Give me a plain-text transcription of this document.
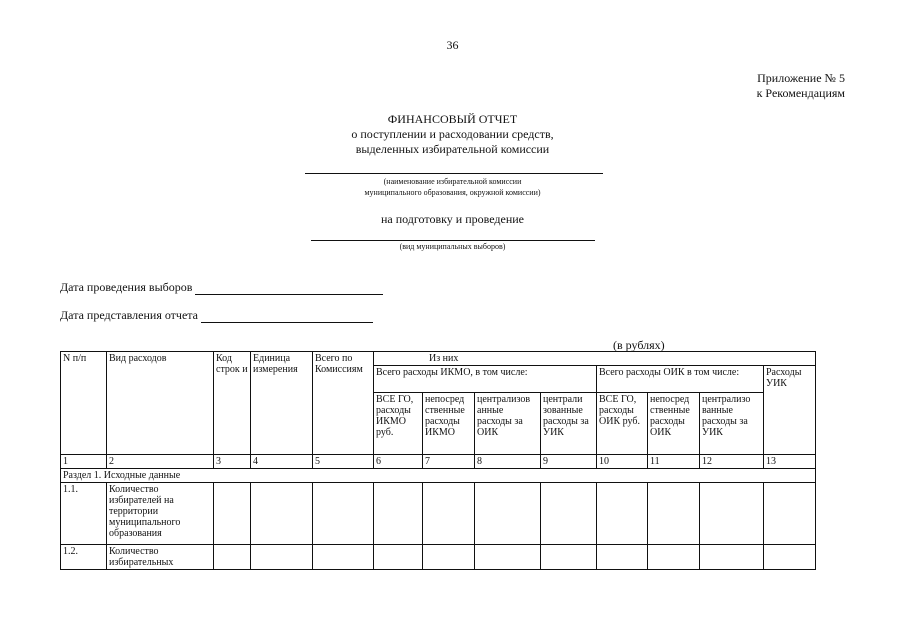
36
Приложение № 5
к Рекомендациям
ФИНАНСОВЫЙ ОТЧЕТ
о поступлении и расходовании средств,
выделенных избирательной комиссии
(наименование избирательной комиссии
муниципального образования, окружной комиссии)
на подготовку и проведение
(вид муниципальных выборов)
Дата проведения выборов
Дата представления отчета
(в рублях)
N п/п	Вид расходов	Код строк и	Единица измерения	Всего по Комиссиям	Из них							
					Всего расходы ИКМО, в том числе:				Всего расходы ОИК в том числе:			Расходы УИК
					ВСЕ ГО, расходы ИКМО руб.	непосред ственные расходы ИКМО	централизов анные расходы за ОИК	централи зованные расходы за УИК	ВСЕ ГО, расходы ОИК руб.	непосред ственные расходы ОИК	централизо ванные расходы за УИК	
1	2	3	4	5	6	7	8	9	10	11	12	13
Раздел 1. Исходные данные												
1.1.	Количество избирателей на территории муниципального образования											
1.2.	Количество избирательных											
